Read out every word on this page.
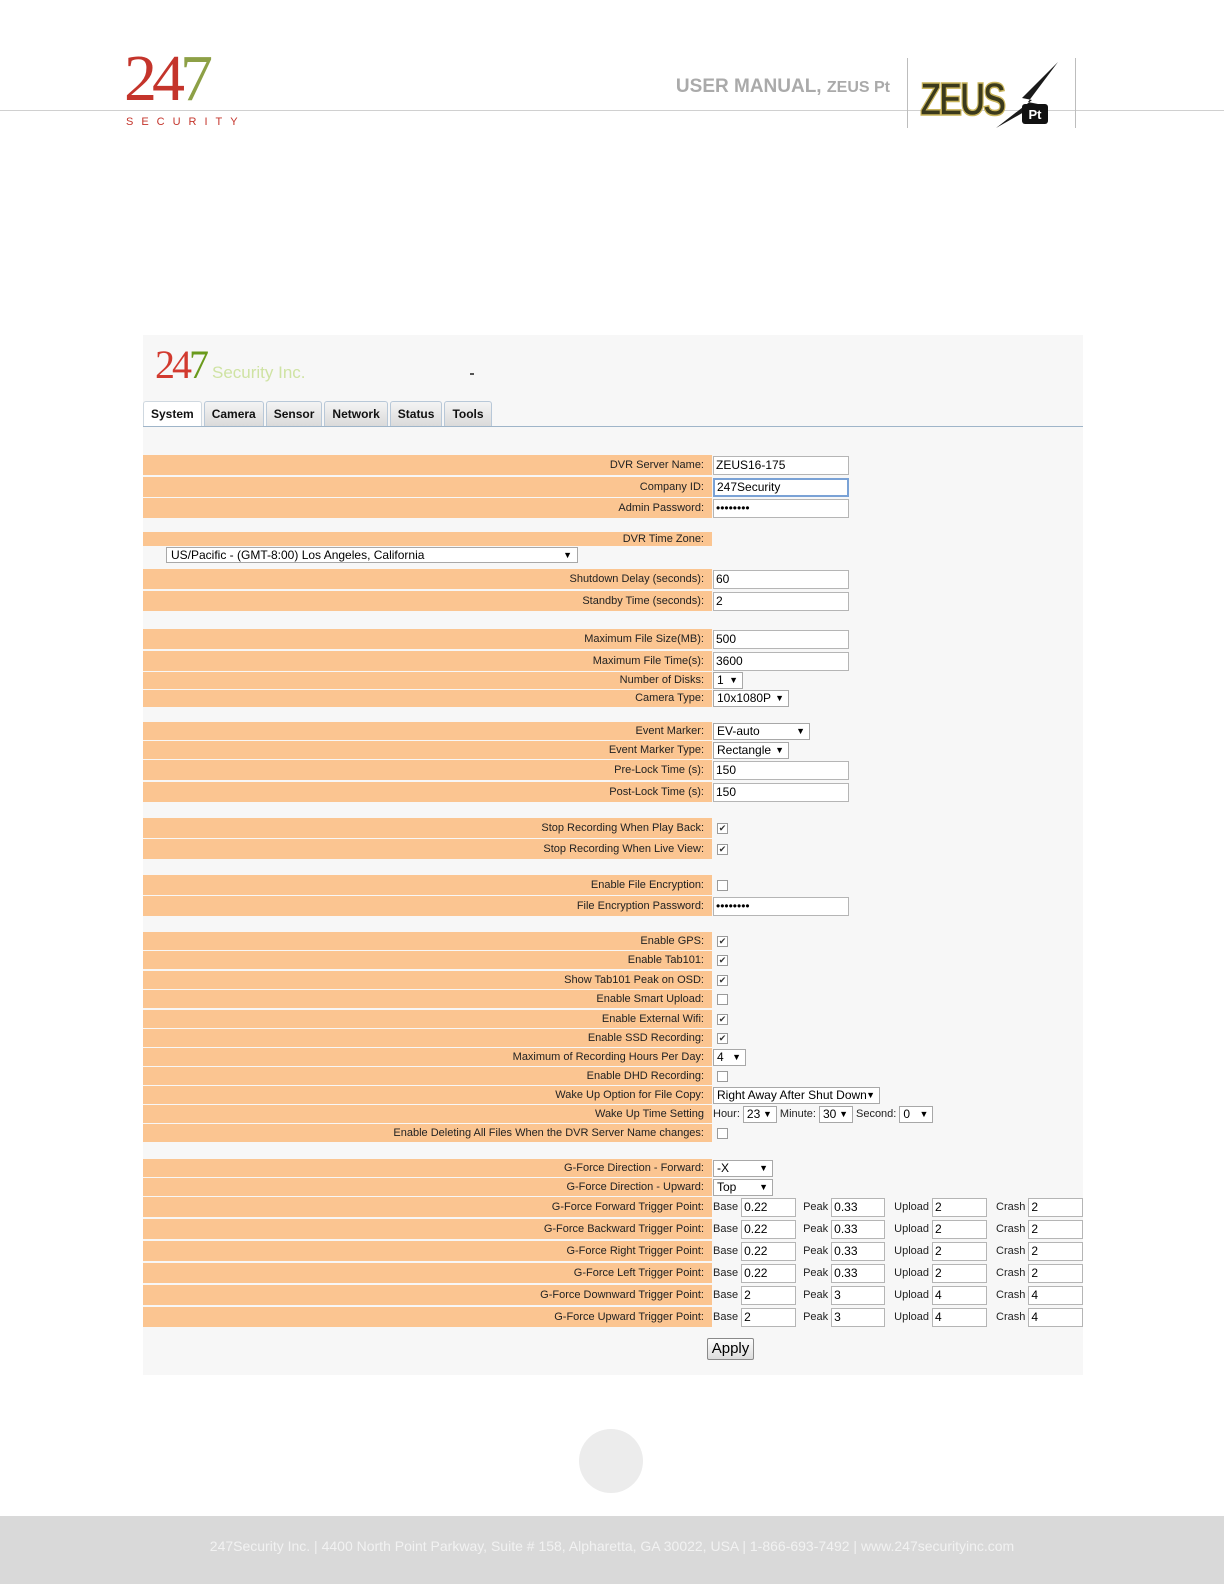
247
SECURITY
USER MANUAL, ZEUS Pt ZEUS Pt
247 Security Inc.
System	Camera	Sensor	Network	Status	Tools
DVR Server Name:	ZEUS16-175
Company ID:	247Security
Admin Password:	••••••••
DVR Time Zone:
US/Pacific - (GMT-8:00) Los Angeles, California	▼
Shutdown Delay (seconds):	60
Standby Time (seconds):	2
Maximum File Size(MB):	500
Maximum File Time(s):	3600
Number of Disks:	1 ▼
Camera Type:	10x1080P ▼
Event Marker:	EV-auto	▼
Event Marker Type:	Rectangle ▼
Pre-Lock Time (s):	150
Post-Lock Time (s):	150
Stop Recording When Play Back:	✔
Stop Recording When Live View:	✔
Enable File Encryption:
File Encryption Password:	••••••••
Enable GPS:	✔
Enable Tab101:	✔
Show Tab101 Peak on OSD:	✔
Enable Smart Upload:
Enable External Wifi:	✔
Enable SSD Recording:	✔
Maximum of Recording Hours Per Day:	4 ▼
Enable DHD Recording:
Wake Up Option for File Copy:	Right Away After Shut Down ▼
Wake Up Time Setting Hour: 23 ▼ Minute: 30 ▼ Second: 0 ▼
Enable Deleting All Files When the DVR Server Name changes:
G-Force Direction - Forward:	-X	▼
G-Force Direction - Upward:	Top	▼
G-Force Forward Trigger Point: Base 0.22	Peak 0.33	Upload 2	Crash 2
G-Force Backward Trigger Point: Base 0.22	Peak 0.33	Upload 2	Crash 2
G-Force Right Trigger Point: Base 0.22	Peak 0.33	Upload 2	Crash 2
G-Force Left Trigger Point: Base 0.22	Peak 0.33	Upload 2	Crash 2
G-Force Downward Trigger Point: Base 2	Peak 3	Upload 4	Crash 4
G-Force Upward Trigger Point: Base 2	Peak 3	Upload 4	Crash 4
Apply
247Security Inc. | 4400 North Point Parkway, Suite # 158, Alpharetta, GA 30022, USA | 1-866-693-7492 | www.247securityinc.com
